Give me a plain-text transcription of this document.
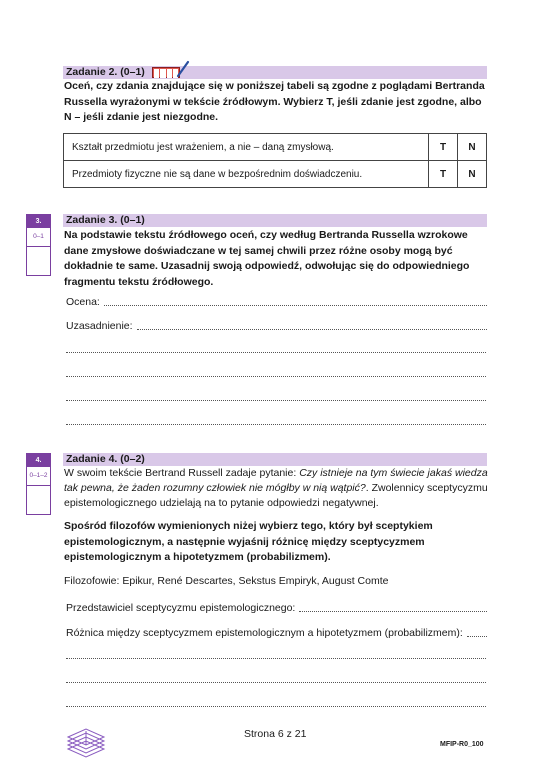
Zadanie 2. (0–1)
Oceń, czy zdania znajdujące się w poniższej tabeli są zgodne z poglądami Bertranda Russella wyrażonymi w tekście źródłowym. Wybierz T, jeśli zdanie jest zgodne, albo N – jeśli zdanie jest niezgodne.
Kształt przedmiotu jest wrażeniem, a nie – daną zmysłową.	T	N
Przedmioty fizyczne nie są dane w bezpośrednim doświadczeniu.	T	N
3.
0–1
Zadanie 3. (0–1)
Na podstawie tekstu źródłowego oceń, czy według Bertranda Russella wzrokowe dane zmysłowe doświadczane w tej samej chwili przez różne osoby mogą być dokładnie te same. Uzasadnij swoją odpowiedź, odwołując się do odpowiedniego fragmentu tekstu źródłowego.
Ocena:
Uzasadnienie:
4.
0–1–2
Zadanie 4. (0–2)
W swoim tekście Bertrand Russell zadaje pytanie: Czy istnieje na tym świecie jakaś wiedza tak pewna, że żaden rozumny człowiek nie mógłby w nią wątpić?. Zwolennicy sceptycyzmu epistemologicznego udzielają na to pytanie odpowiedzi negatywnej.
Spośród filozofów wymienionych niżej wybierz tego, który był sceptykiem epistemologicznym, a następnie wyjaśnij różnicę między sceptycyzmem epistemologicznym a hipotetyzmem (probabilizmem).
Filozofowie: Epikur, René Descartes, Sekstus Empiryk, August Comte
Przedstawiciel sceptycyzmu epistemologicznego:
Różnica między sceptycyzmem epistemologicznym a hipotetyzmem (probabilizmem):
Strona 6 z 21
MFIP-R0_100
